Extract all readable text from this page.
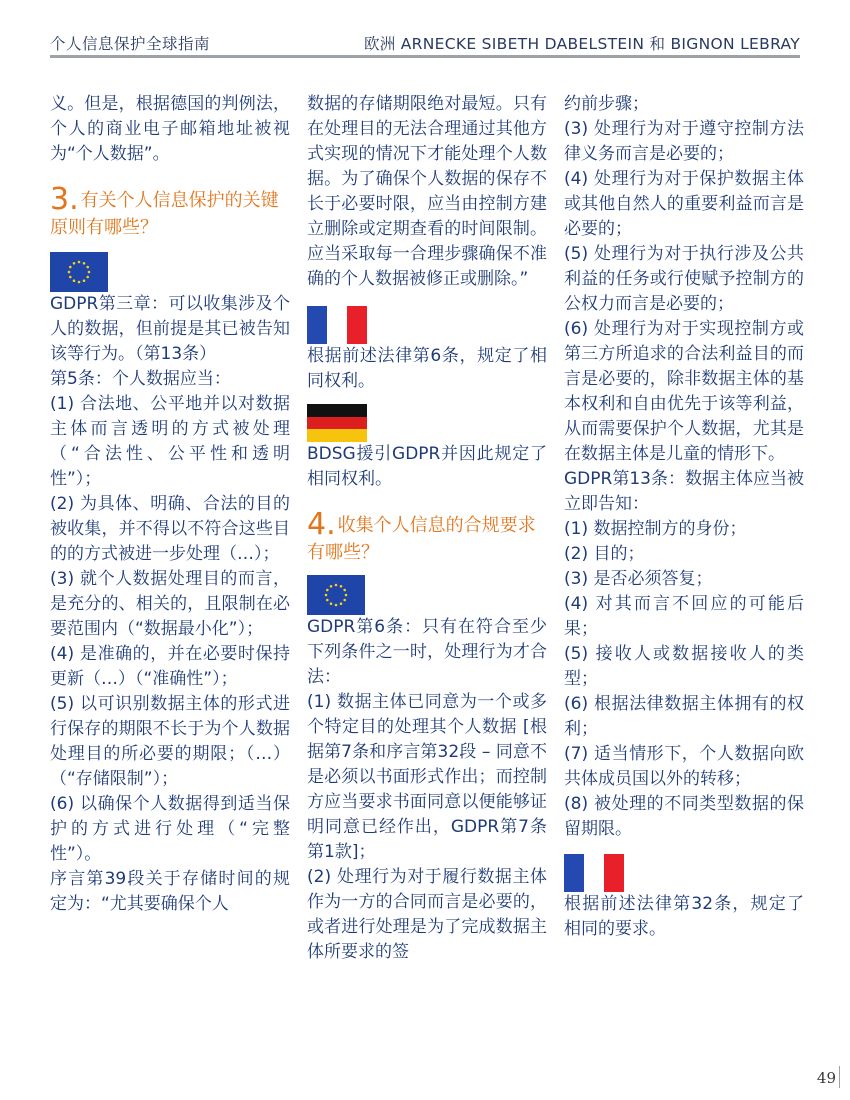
个人信息保护全球指南	欧洲 ARNECKE SIBETH DABELSTEIN 和 BIGNON LEBRAY
义。但是，根据德国的判例法，个人的商业电子邮箱地址被视为“个人数据”。
3. 有关个人信息保护的关键原则有哪些？
GDPR第三章：可以收集涉及个人的数据，但前提是其已被告知该等行为。（第13条）
第5条：个人数据应当：
(1) 合法地、公平地并以对数据主体而言透明的方式被处理（“合法性、公平性和透明性”）；
(2) 为具体、明确、合法的目的被收集，并不得以不符合这些目的的方式被进一步处理（…）；
(3) 就个人数据处理目的而言，是充分的、相关的，且限制在必要范围内（“数据最小化”）；
(4) 是准确的，并在必要时保持更新（…）（“准确性”）；
(5) 以可识别数据主体的形式进行保存的期限不长于为个人数据处理目的所必要的期限；（…）（“存储限制”）；
(6) 以确保个人数据得到适当保护的方式进行处理（“完整性”）。
序言第39段关于存储时间的规定为：“尤其要确保个人
数据的存储期限绝对最短。只有在处理目的无法合理通过其他方式实现的情况下才能处理个人数据。为了确保个人数据的保存不长于必要时限，应当由控制方建立删除或定期查看的时间限制。应当采取每一合理步骤确保不准确的个人数据被修正或删除。”
根据前述法律第6条，规定了相同权利。
BDSG援引GDPR并因此规定了相同权利。
4. 收集个人信息的合规要求有哪些？
GDPR第6条：只有在符合至少下列条件之一时，处理行为才合法：
(1) 数据主体已同意为一个或多个特定目的处理其个人数据 [根据第7条和序言第32段 – 同意不是必须以书面形式作出；而控制方应当要求书面同意以便能够证明同意已经作出，GDPR第7条第1款]；
(2) 处理行为对于履行数据主体作为一方的合同而言是必要的，或者进行处理是为了完成数据主体所要求的签
约前步骤；
(3) 处理行为对于遵守控制方法律义务而言是必要的；
(4) 处理行为对于保护数据主体或其他自然人的重要利益而言是必要的；
(5) 处理行为对于执行涉及公共利益的任务或行使赋予控制方的公权力而言是必要的；
(6) 处理行为对于实现控制方或第三方所追求的合法利益目的而言是必要的，除非数据主体的基本权利和自由优先于该等利益，从而需要保护个人数据，尤其是在数据主体是儿童的情形下。
GDPR第13条：数据主体应当被立即告知：
(1) 数据控制方的身份；
(2) 目的；
(3) 是否必须答复；
(4) 对其而言不回应的可能后果；
(5) 接收人或数据接收人的类型；
(6) 根据法律数据主体拥有的权利；
(7) 适当情形下，个人数据向欧共体成员国以外的转移；
(8) 被处理的不同类型数据的保留期限。
根据前述法律第32条，规定了相同的要求。
49
